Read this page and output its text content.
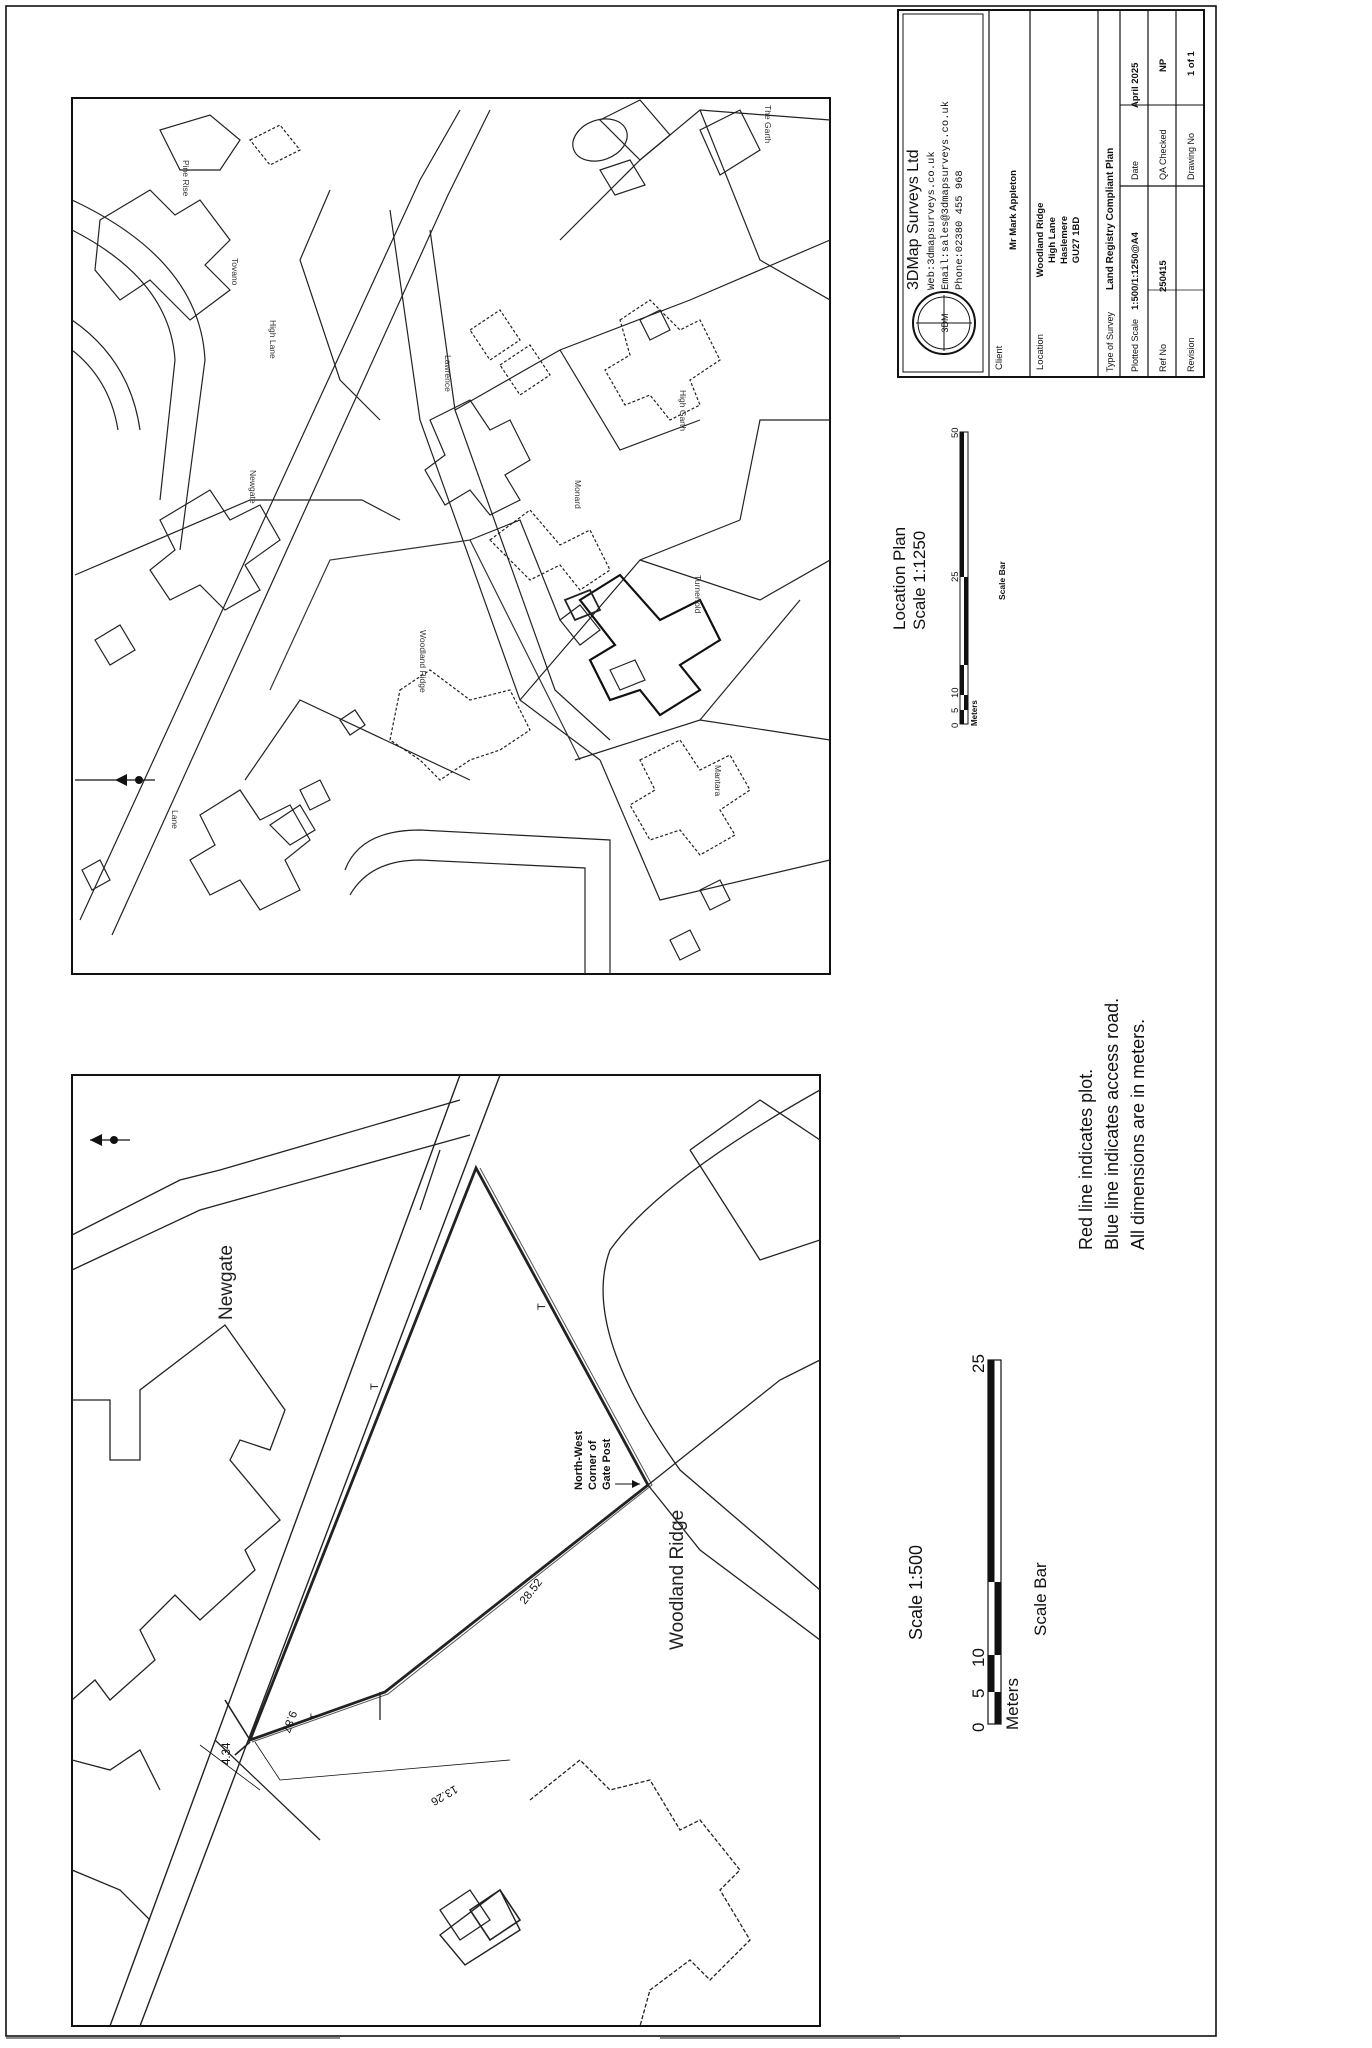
3DM
3DMap Surveys Ltd Web:3dmapsurveys.co.uk Email:sales@3dmapsurveys.co.uk Phone:02380 455 968
Client
Mr Mark Appleton
Location
Woodland Ridge High Lane Haslemere GU27 1BD
Type of Survey
Land Registry Compliant Plan
Plotted Scale
1:500/1:1250@A4
Date
April 2025
Ref No
250415
QA Checked
NP
Revision
Drawing No
1 of 1
Newgate
Woodland Ridge
Lawrence
Monard
Turnerfold
Mantara
High Garth
The Garth
Tovano
High Lane
Lane
Pine Rise
Location Plan Scale 1:1250
0
5
10
25
50
Meters
Scale Bar
Newgate
Woodland Ridge
North-West Corner of Gate Post
4.34
9.87
13.26
28.52
T
T
T
Scale 1:500
0
5
10
25
Meters
Scale Bar
Red line indicates plot. Blue line indicates access road. All dimensions are in meters.
